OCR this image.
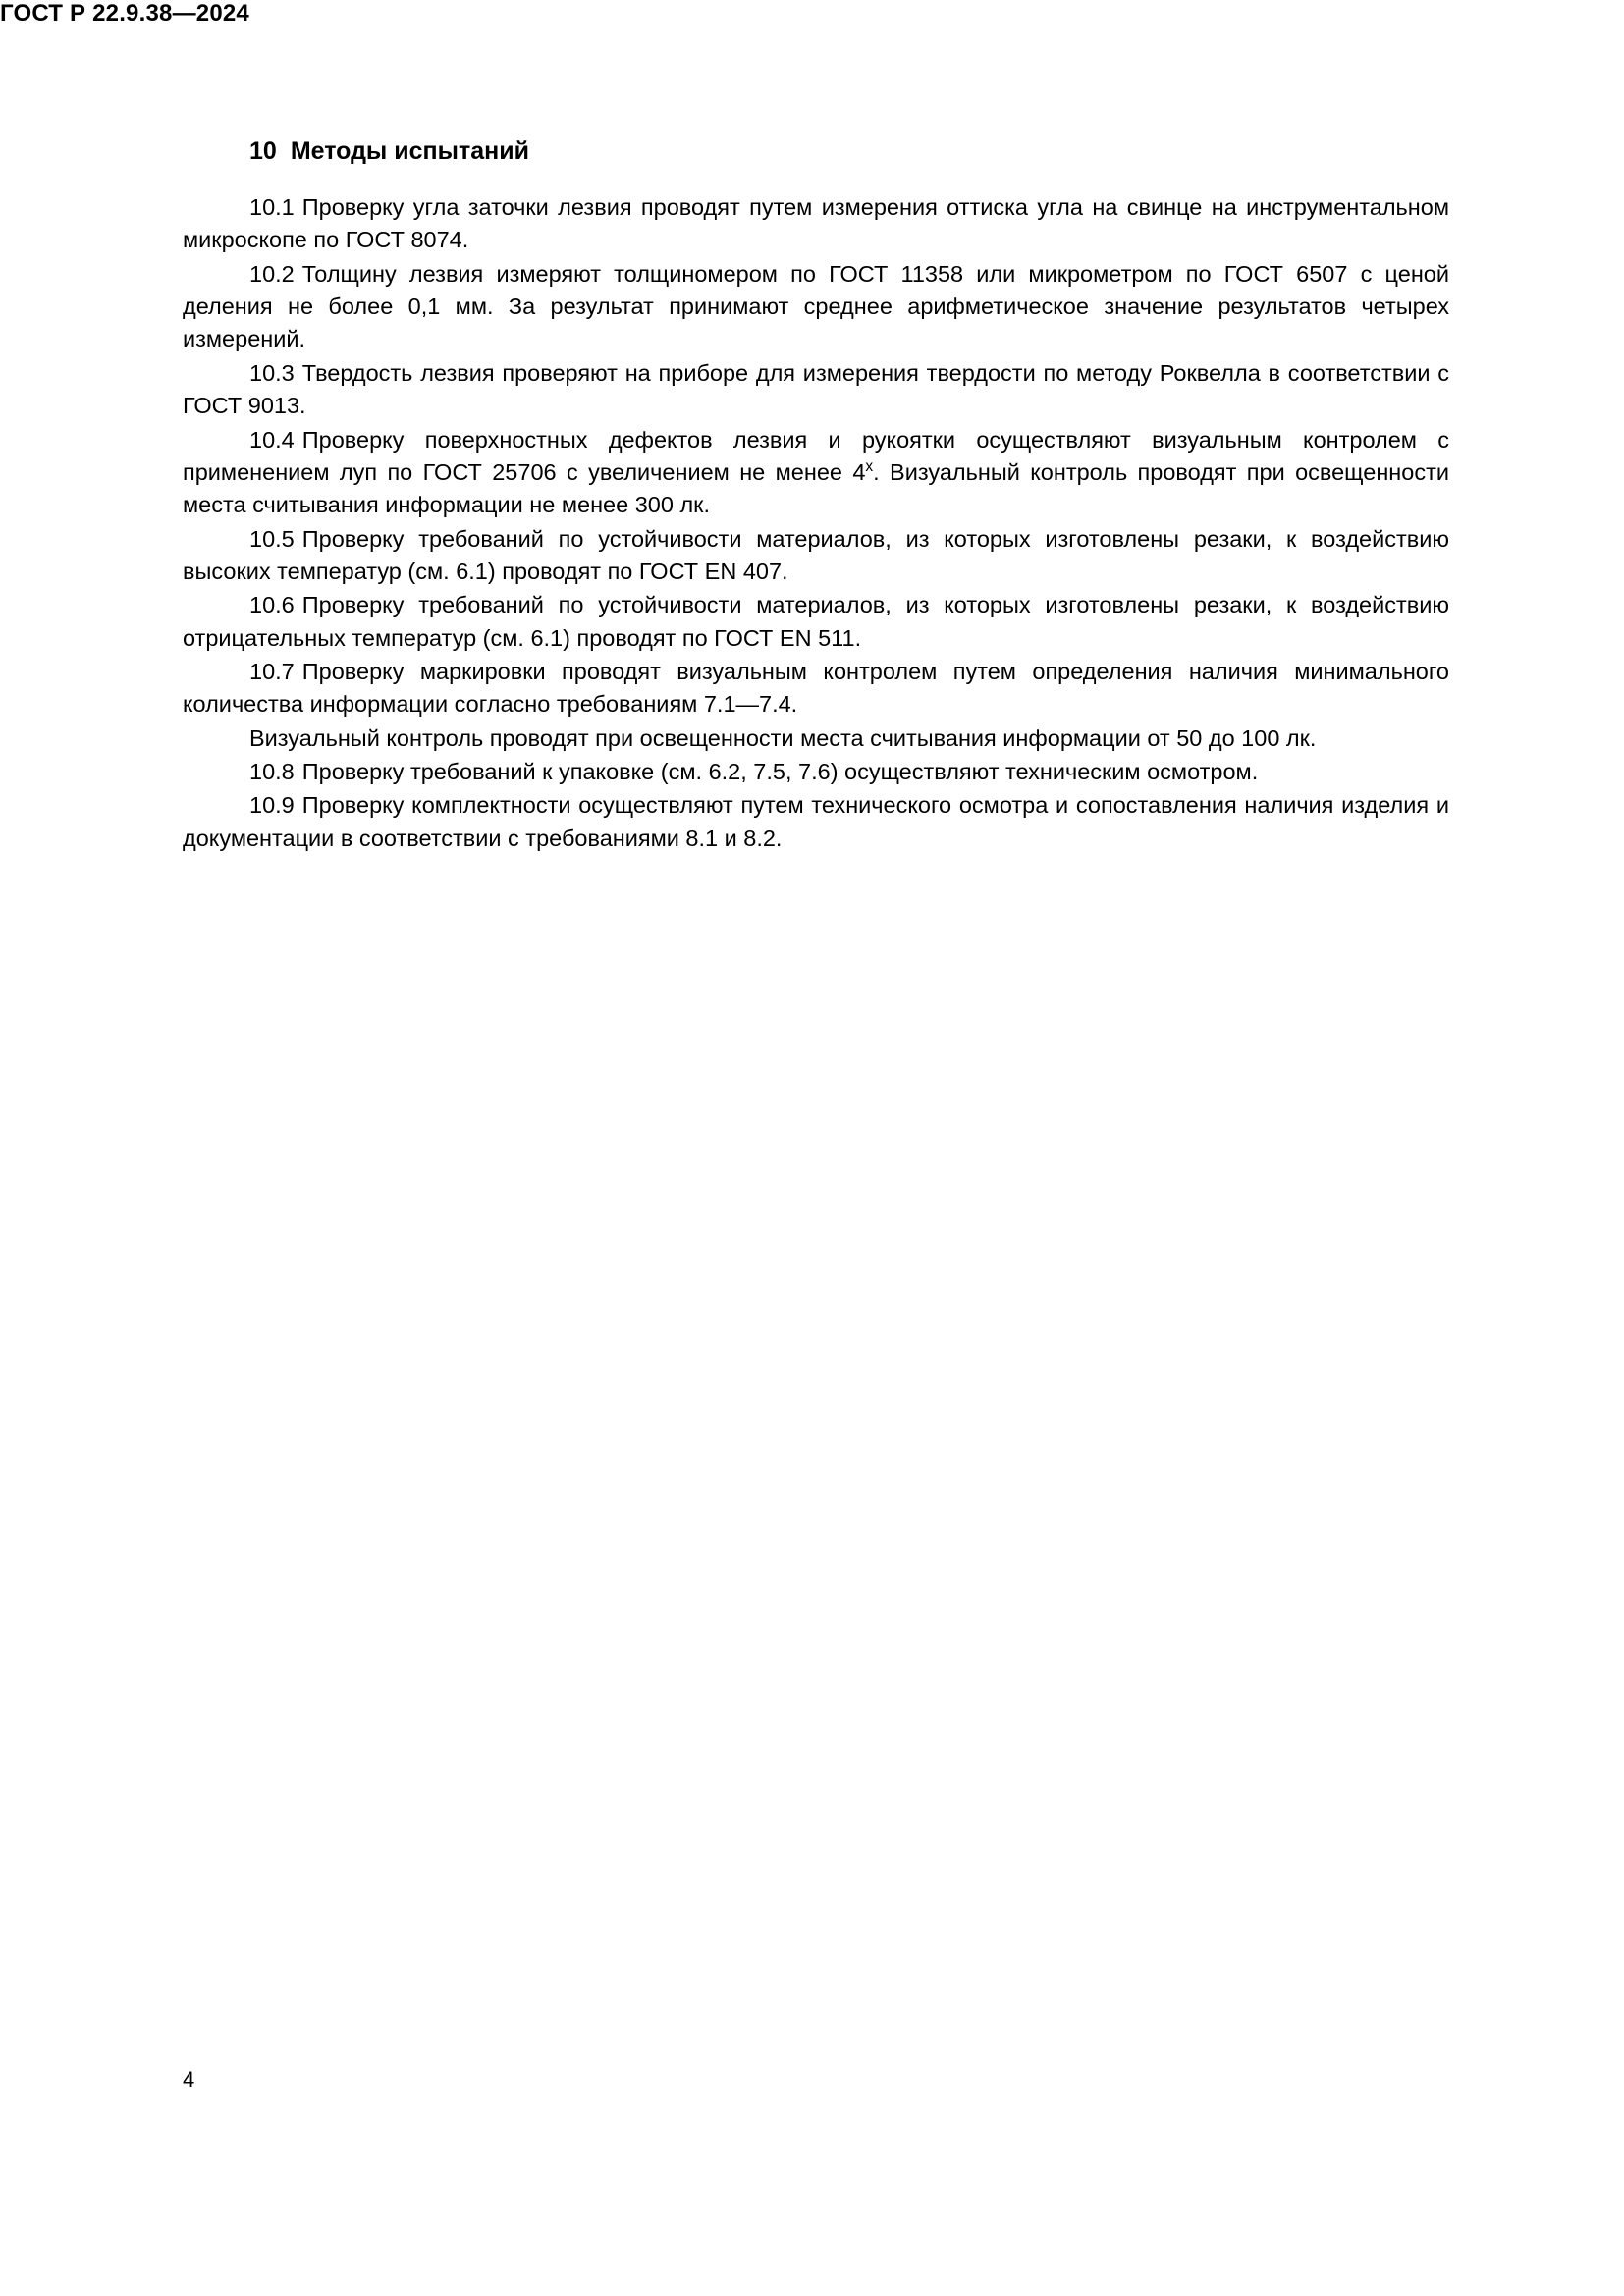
ГОСТ Р 22.9.38—2024
10 Методы испытаний

10.1 Проверку угла заточки лезвия проводят путем измерения оттиска угла на свинце на инструментальном микроскопе по ГОСТ 8074.

10.2 Толщину лезвия измеряют толщиномером по ГОСТ 11358 или микрометром по ГОСТ 6507 с ценой деления не более 0,1 мм. За результат принимают среднее арифметическое значение результатов четырех измерений.

10.3 Твердость лезвия проверяют на приборе для измерения твердости по методу Роквелла в соответствии с ГОСТ 9013.

10.4 Проверку поверхностных дефектов лезвия и рукоятки осуществляют визуальным контролем с применением луп по ГОСТ 25706 с увеличением не менее $4^х$. Визуальный контроль проводят при освещенности места считывания информации не менее 300 лк.

10.5 Проверку требований по устойчивости материалов, из которых изготовлены резаки, к воздействию высоких температур (см. 6.1) проводят по ГОСТ EN 407.

10.6 Проверку требований по устойчивости материалов, из которых изготовлены резаки, к воздействию отрицательных температур (см. 6.1) проводят по ГОСТ EN 511.

10.7 Проверку маркировки проводят визуальным контролем путем определения наличия минимального количества информации согласно требованиям 7.1—7.4.

Визуальный контроль проводят при освещенности места считывания информации от 50 до 100 лк.

10.8 Проверку требований к упаковке (см. 6.2, 7.5, 7.6) осуществляют техническим осмотром.

10.9 Проверку комплектности осуществляют путем технического осмотра и сопоставления наличия изделия и документации в соответствии с требованиями 8.1 и 8.2.

4
